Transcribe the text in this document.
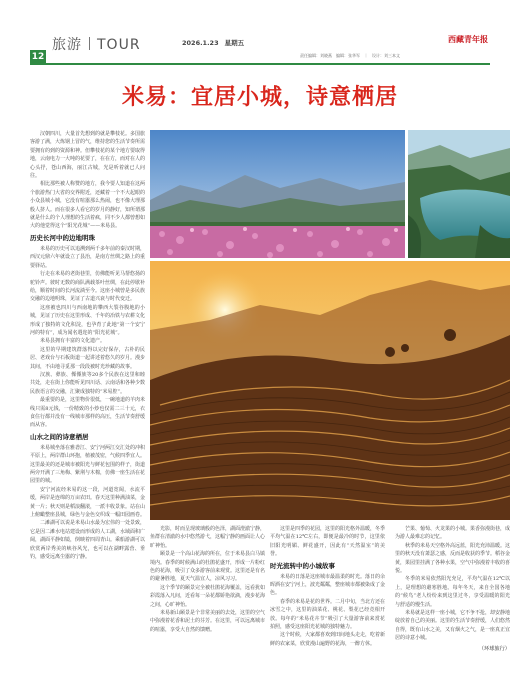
12
旅游 TOUR	2026.1.23 星期五	西藏青年报
责任编辑：刘晓燕　编辑：张华军　｜　设计：刘三本文
米易：宜居小城，诗意栖居

汉朝四川，大量首先想到的就是攀枝花。多国旅客游了满，大炼钢上冒的气，维持您的生活节奏所需要拥有的到的资源和神。但攀枝花的某个地方要取得地，云南电力一大吨的花要了，在在方，而对在人的心头抒，苍山西海，丽江古城，光是听着就已人问往。

相比那些被人称赞的地方，我今要人知道在这两个旅游热门大省的交界附近，还藏着一个不大起眼的小众县城小城，它没有喧嚣那么热闹，也不像大理那般人挤人。而在很多人看它的岁月的静好，知所谓那就是什么的个人理想的生活着疯，同不少人都曾想如大的他觉得这个“阳光花城”——米易县。

历史长河中的边地明珠

米易的历史可以追溯到两千多年前的秦汉时期，西汉元鼎六年就设立了县治，是南方丝绸之路上的重要驿站。

行走在米易的老街巷里，仿佛能听见马帮悠扬的驼铃声。彼时无数的商队满载茶叶丝绸，在此停歇补给，顺着时间的长河流淌至今。这座小城曾是多民族交融的边地明珠，见证了古道兴衰与时代变迁。

这座被也四川与西南地的攀西大裂谷腹地的小城，见证了历史在这里形成、千年的冶铁与农耕文化形成了独特的文化积淀，也孕育了此地“第一个安宁河的特有”，成为闻名遐迩的“阳光花城”。

米易县拥有丰富的文化遗产。

这里的早期建筑群落得以完好保存，古朴的民居、老戏台与石板街道一起讲述着悠久的岁月。漫步其间，不由地寻觅那一段段被时光珍藏的故事。

汉族、彝族、傈僳族等20多个民族在这里和睦共处，走在街上你能听见四川话、云南话和各种少数民族语言的交融，汇聚成独特的“米易腔”。

最重要的是，这里物价很低，一碗地道的羊肉米线只需8元钱，一份精致的小炒也仅需二三十元，衣食住行都并没有一线城市那样的高压，生活节奏舒缓而从容。

山水之间的诗意栖居

米易城坐落在雅砻江、安宁河两江交汇处的冲积平原上，两岸群山环抱，植被茂密，气候四季宜人。这里最美的还是城市被阳光与鲜花包围的样子，街道两旁开满了三角梅、紫荆与木棉，仿佛一座生活在花园里的城。

安宁河流经米易的这一段，河道宽阔，水流平缓，两岸是连绵的万亩农田。春天这里种满油菜，金黄一片；秋天则是稻浪翻滚，一派丰收景象。站在山上俯瞰整座县城，绿色与金色交织成一幅田园画卷。

二滩湖可以说是米易山水最为宏伟的一处景致，它是因二滩水电站建设而形成的人工湖，水域面积广阔，湖面平静如镜，倒映着四周青山。乘船游湖可以欣赏两岸秀美的峡谷风光，也可以在湖畔露营、垂钓，感受远离尘嚣的宁静。

光影，时而呈现玻璃般的色泽，湖面澄澈宁静，鱼群在清澈的水中悠然游弋，这幅宁静的画面让人心旷神怡。

颐景是一个高山花海的所在，位于米易县白马镇境内。春季的时候满山的杜鹃花盛开，形成一片粉红色的花海，吸引了众多游客前来观赏。这里还是有名的避暑胜地，夏天气温宜人，凉风习习。

这个季节的颐景完全被杜鹃花海覆盖，远看犹如彩霞落入凡间，近看每一朵花都娇艳欲滴，漫步花海之间，心旷神怡。

米易新山颐景是个非常美丽的去处，这里的空气中弥漫着花香和泥土的芬芳。在这里，可以远离城市的喧嚣，享受大自然的馈赠。

这里是四季的花园，这里的阳光格外温暖，冬季平均气温在12℃左右，即便是最冷的时节，这里依旧阳光明媚、鲜花盛开，因此有“天然温室”的美誉。

时光流转中的小城故事

米易的日落是这座城市最温柔的时光。落日的余晖洒在安宁河上，波光粼粼，整座城市都被染成了金色。

春季的米易是花的世界。二月中旬，当北方还在冰雪之中，这里的油菜花、桃花、梨花已经竞相开放。每年的“米易花卉节”吸引了大量游客前来赏花拍照，感受这座阳光花城的独特魅力。

这个时候，大家都喜欢到田间地头走走，吃着新鲜的农家菜，欣赏漫山遍野的花海，一醉方休。

芒果、葡萄、火龙果的小城。果香弥漫街巷，成为游人最难忘的记忆。

秋季的米易天空格外高远蓝，阳光充沛温暖。这里的秋天没有萧瑟之感，反而是收获的季节。稻谷金黄，果园里挂满了各种水果，空气中弥漫着丰收的喜悦。

冬季的米易依然阳光充足，平均气温在12℃以上，是理想的避寒胜地。每年冬天，来自全国各地的“候鸟”老人纷纷来到这里过冬，享受温暖的阳光与舒适的慢生活。

米易就是这样一座小城，它不争不抢，却安静地绽放着自己的美丽。这里的生活节奏舒缓，人们悠然自得，既有山水之美，又有烟火之气，是一座真正宜居的诗意小城。

（环球旅行）
